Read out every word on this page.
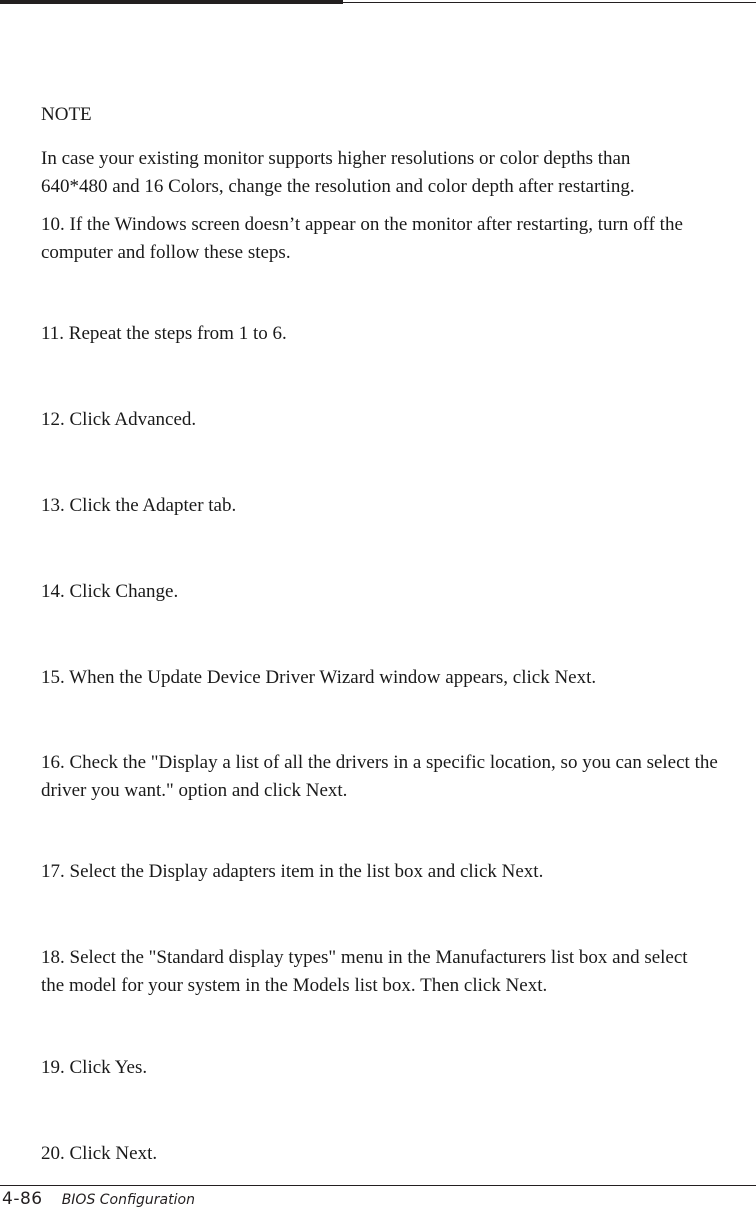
NOTE

In case your existing monitor supports higher resolutions or color depths than 640*480 and 16 Colors, change the resolution and color depth after restarting.

10. If the Windows screen doesn’t appear on the monitor after restarting, turn off the computer and follow these steps.

11. Repeat the steps from 1 to 6.

12. Click Advanced.

13. Click the Adapter tab.

14. Click Change.

15. When the Update Device Driver Wizard window appears, click Next.

16. Check the "Display a list of all the drivers in a specific location, so you can select the driver you want." option and click Next.

17. Select the Display adapters item in the list box and click Next.

18. Select the "Standard display types" menu in the Manufacturers list box and select the model for your system in the Models list box. Then click Next.

19. Click Yes.

20. Click Next.

4-86 BIOS Configuration
